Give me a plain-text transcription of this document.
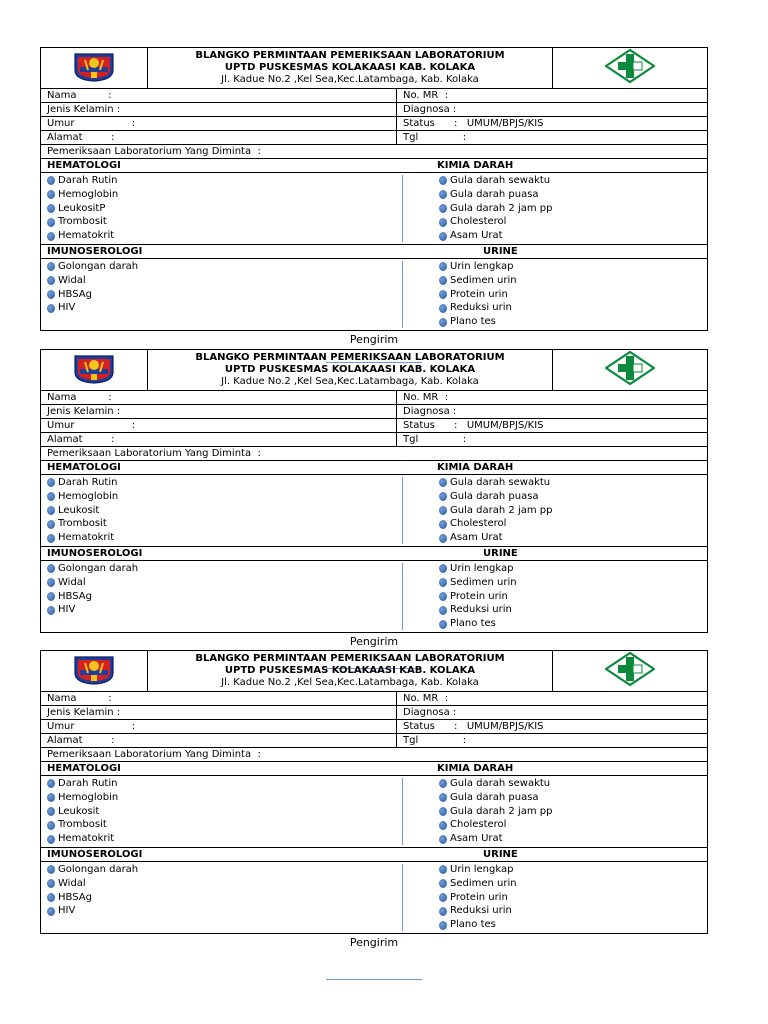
BLANGKO PERMINTAAN PEMERIKSAAN LABORATORIUM
UPTD PUSKESMAS KOLAKAASI KAB. KOLAKA
Jl. Kadue No.2 ,Kel Sea,Kec.Latambaga, Kab. Kolaka
Nama          :	No. MR  :
Jenis Kelamin :	Diagnosa :
Umur                  :	Status      :   UMUM/BPJS/KIS
Alamat         :	Tgl              :
Pemeriksaan Laboratorium Yang Diminta  :
HEMATOLOGI	KIMIA DARAH
Darah Rutin
Hemoglobin
LeukositP
Trombosit
Hematokrit
Gula darah sewaktu
Gula darah puasa
Gula darah 2 jam pp
Cholesterol
Asam Urat
IMUNOSEROLOGI	URINE
Golongan darah
Widal
HBSAg
HIV
Urin lengkap
Sedimen urin
Protein urin
Reduksi urin
Plano tes
Pengirim
BLANGKO PERMINTAAN PEMERIKSAAN LABORATORIUM
UPTD PUSKESMAS KOLAKAASI KAB. KOLAKA
Jl. Kadue No.2 ,Kel Sea,Kec.Latambaga, Kab. Kolaka
Nama          :	No. MR  :
Jenis Kelamin :	Diagnosa :
Umur                  :	Status      :   UMUM/BPJS/KIS
Alamat         :	Tgl              :
Pemeriksaan Laboratorium Yang Diminta  :
HEMATOLOGI	KIMIA DARAH
Darah Rutin
Hemoglobin
Leukosit
Trombosit
Hematokrit
Gula darah sewaktu
Gula darah puasa
Gula darah 2 jam pp
Cholesterol
Asam Urat
IMUNOSEROLOGI	URINE
Golongan darah
Widal
HBSAg
HIV
Urin lengkap
Sedimen urin
Protein urin
Reduksi urin
Plano tes
Pengirim
BLANGKO PERMINTAAN PEMERIKSAAN LABORATORIUM
UPTD PUSKESMAS KOLAKAASI KAB. KOLAKA
Jl. Kadue No.2 ,Kel Sea,Kec.Latambaga, Kab. Kolaka
Nama          :	No. MR  :
Jenis Kelamin :	Diagnosa :
Umur                  :	Status      :   UMUM/BPJS/KIS
Alamat         :	Tgl              :
Pemeriksaan Laboratorium Yang Diminta  :
HEMATOLOGI	KIMIA DARAH
Darah Rutin
Hemoglobin
Leukosit
Trombosit
Hematokrit
Gula darah sewaktu
Gula darah puasa
Gula darah 2 jam pp
Cholesterol
Asam Urat
IMUNOSEROLOGI	URINE
Golongan darah
Widal
HBSAg
HIV
Urin lengkap
Sedimen urin
Protein urin
Reduksi urin
Plano tes
Pengirim
